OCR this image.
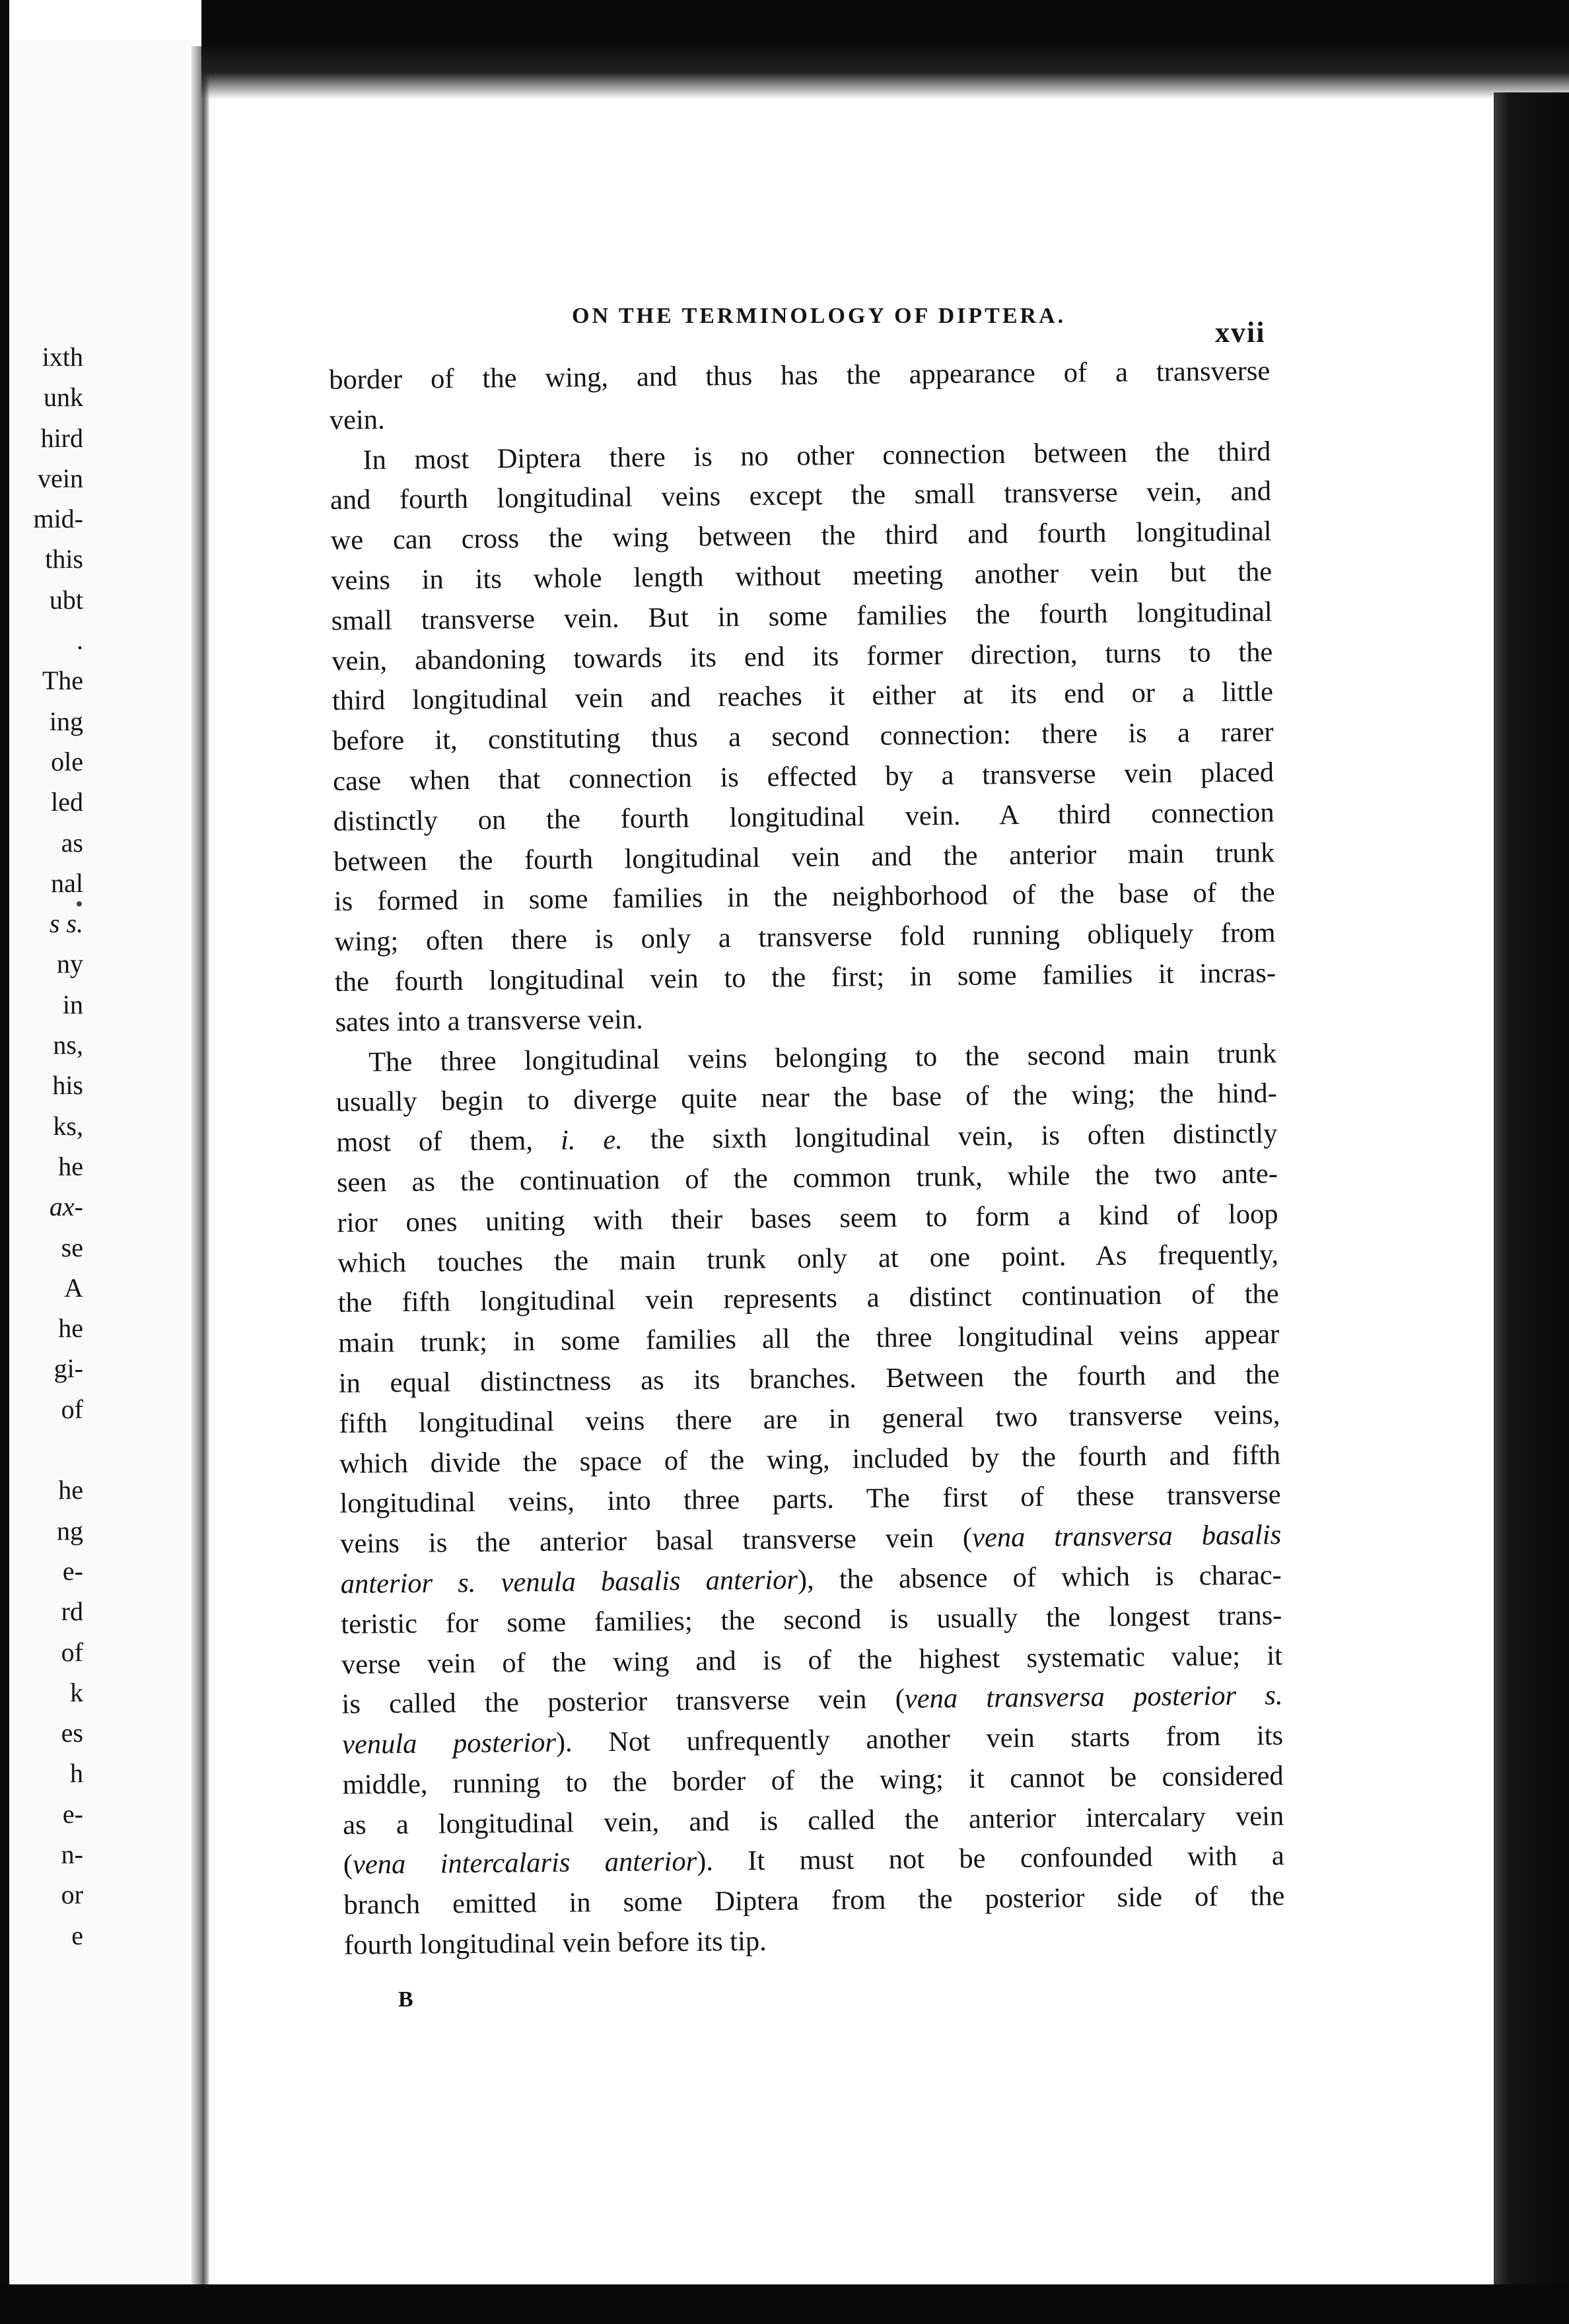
ixth
unk
hird
vein
mid-
this
ubt
.
The
ing
ole
led
as
nal
s s.
ny
in
ns,
his
ks,
he
ax-
se
A
he
gi-
of
he
ng
e-
rd
of
k
es
h
e-
n-
or
e
ON THE TERMINOLOGY OF DIPTERA.
xvii
border of the wing, and thus has the appearance of a transverse
vein.
In most Diptera there is no other connection between the third
and fourth longitudinal veins except the small transverse vein, and
we can cross the wing between the third and fourth longitudinal
veins in its whole length without meeting another vein but the
small transverse vein. But in some families the fourth longitudinal
vein, abandoning towards its end its former direction, turns to the
third longitudinal vein and reaches it either at its end or a little
before it, constituting thus a second connection: there is a rarer
case when that connection is effected by a transverse vein placed
distinctly on the fourth longitudinal vein. A third connection
between the fourth longitudinal vein and the anterior main trunk
is formed in some families in the neighborhood of the base of the
wing; often there is only a transverse fold running obliquely from
the fourth longitudinal vein to the first; in some families it incras-
sates into a transverse vein.
The three longitudinal veins belonging to the second main trunk
usually begin to diverge quite near the base of the wing; the hind-
most of them, i. e. the sixth longitudinal vein, is often distinctly
seen as the continuation of the common trunk, while the two ante-
rior ones uniting with their bases seem to form a kind of loop
which touches the main trunk only at one point. As frequently,
the fifth longitudinal vein represents a distinct continuation of the
main trunk; in some families all the three longitudinal veins appear
in equal distinctness as its branches. Between the fourth and the
fifth longitudinal veins there are in general two transverse veins,
which divide the space of the wing, included by the fourth and fifth
longitudinal veins, into three parts. The first of these transverse
veins is the anterior basal transverse vein (vena transversa basalis
anterior s. venula basalis anterior), the absence of which is charac-
teristic for some families; the second is usually the longest trans-
verse vein of the wing and is of the highest systematic value; it
is called the posterior transverse vein (vena transversa posterior s.
venula posterior). Not unfrequently another vein starts from its
middle, running to the border of the wing; it cannot be considered
as a longitudinal vein, and is called the anterior intercalary vein
(vena intercalaris anterior). It must not be confounded with a
branch emitted in some Diptera from the posterior side of the
fourth longitudinal vein before its tip.
B
